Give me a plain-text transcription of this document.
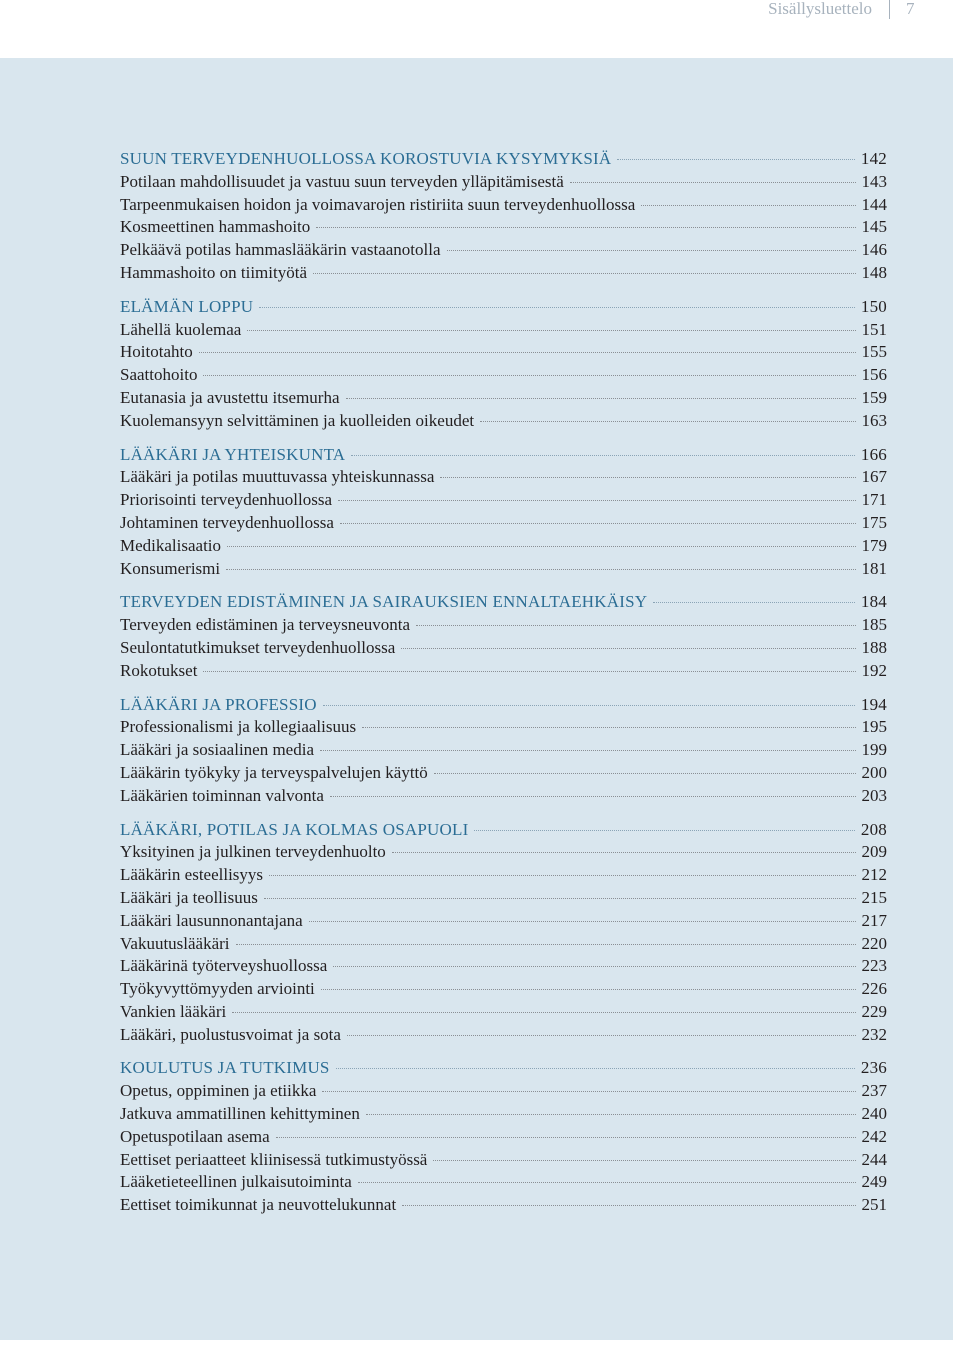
Sisällysluettelo 7
SUUN TERVEYDENHUOLLOSSA KOROSTUVIA KYSYMYKSIÄ	142
Potilaan mahdollisuudet ja vastuu suun terveyden ylläpitämisestä	143
Tarpeenmukaisen hoidon ja voimavarojen ristiriita suun terveydenhuollossa	144
Kosmeettinen hammashoito	145
Pelkäävä potilas hammaslääkärin vastaanotolla	146
Hammashoito on tiimityötä	148
ELÄMÄN LOPPU	150
Lähellä kuolemaa	151
Hoitotahto	155
Saattohoito	156
Eutanasia ja avustettu itsemurha	159
Kuolemansyyn selvittäminen ja kuolleiden oikeudet	163
LÄÄKÄRI JA YHTEISKUNTA	166
Lääkäri ja potilas muuttuvassa yhteiskunnassa	167
Priorisointi terveydenhuollossa	171
Johtaminen terveydenhuollossa	175
Medikalisaatio	179
Konsumerismi	181
TERVEYDEN EDISTÄMINEN JA SAIRAUKSIEN ENNALTAEHKÄISY	184
Terveyden edistäminen ja terveysneuvonta	185
Seulontatutkimukset terveydenhuollossa	188
Rokotukset	192
LÄÄKÄRI JA PROFESSIO	194
Professionalismi ja kollegiaalisuus	195
Lääkäri ja sosiaalinen media	199
Lääkärin työkyky ja terveyspalvelujen käyttö	200
Lääkärien toiminnan valvonta	203
LÄÄKÄRI, POTILAS JA KOLMAS OSAPUOLI	208
Yksityinen ja julkinen terveydenhuolto	209
Lääkärin esteellisyys	212
Lääkäri ja teollisuus	215
Lääkäri lausunnonantajana	217
Vakuutuslääkäri	220
Lääkärinä työterveyshuollossa	223
Työkyvyttömyyden arviointi	226
Vankien lääkäri	229
Lääkäri, puolustusvoimat ja sota	232
KOULUTUS JA TUTKIMUS	236
Opetus, oppiminen ja etiikka	237
Jatkuva ammatillinen kehittyminen	240
Opetuspotilaan asema	242
Eettiset periaatteet kliinisessä tutkimustyössä	244
Lääketieteellinen julkaisutoiminta	249
Eettiset toimikunnat ja neuvottelukunnat	251
